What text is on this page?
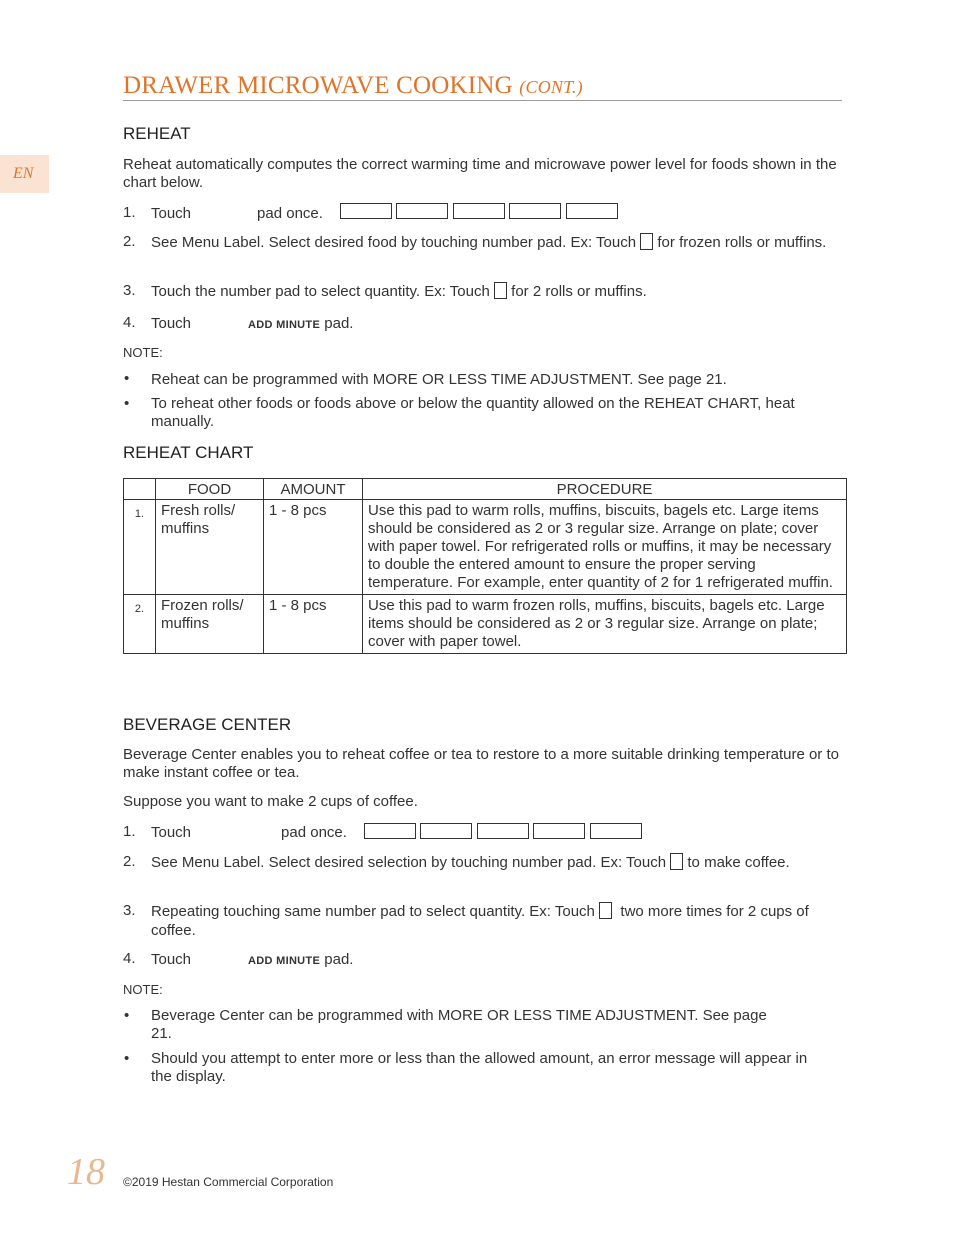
EN
DRAWER MICROWAVE COOKING (CONT.)
REHEAT
Reheat automatically computes the correct warming time and microwave power level for foods shown in the chart below.
1. Touch	pad once.
2. See Menu Label. Select desired food by touching number pad. Ex: Touch for frozen rolls or muffins.
3. Touch the number pad to select quantity. Ex: Touch for 2 rolls or muffins.
4. Touch	ADD MINUTE pad.
NOTE:
• Reheat can be programmed with MORE OR LESS TIME ADJUSTMENT. See page 21.
• To reheat other foods or foods above or below the quantity allowed on the REHEAT CHART, heat manually.
REHEAT CHART
	FOOD	AMOUNT	PROCEDURE
1.	Fresh rolls/ muffins	1 - 8 pcs	Use this pad to warm rolls, muffins, biscuits, bagels etc. Large items should be considered as 2 or 3 regular size. Arrange on plate; cover with paper towel. For refrigerated rolls or muffins, it may be necessary to double the entered amount to ensure the proper serving temperature. For example, enter quantity of 2 for 1 refrigerated muffin.
2.	Frozen rolls/ muffins	1 - 8 pcs	Use this pad to warm frozen rolls, muffins, biscuits, bagels etc. Large items should be considered as 2 or 3 regular size. Arrange on plate; cover with paper towel.
BEVERAGE CENTER
Beverage Center enables you to reheat coffee or tea to restore to a more suitable drinking temperature or to make instant coffee or tea.
Suppose you want to make 2 cups of coffee.
1. Touch	pad once.
2. See Menu Label. Select desired selection by touching number pad. Ex: Touch to make coffee.
3. Repeating touching same number pad to select quantity. Ex: Touch two more times for 2 cups of coffee.
4. Touch	ADD MINUTE pad.
NOTE:
• Beverage Center can be programmed with MORE OR LESS TIME ADJUSTMENT. See page 21.
• Should you attempt to enter more or less than the allowed amount, an error message will appear in the display.
18 ©2019 Hestan Commercial Corporation
